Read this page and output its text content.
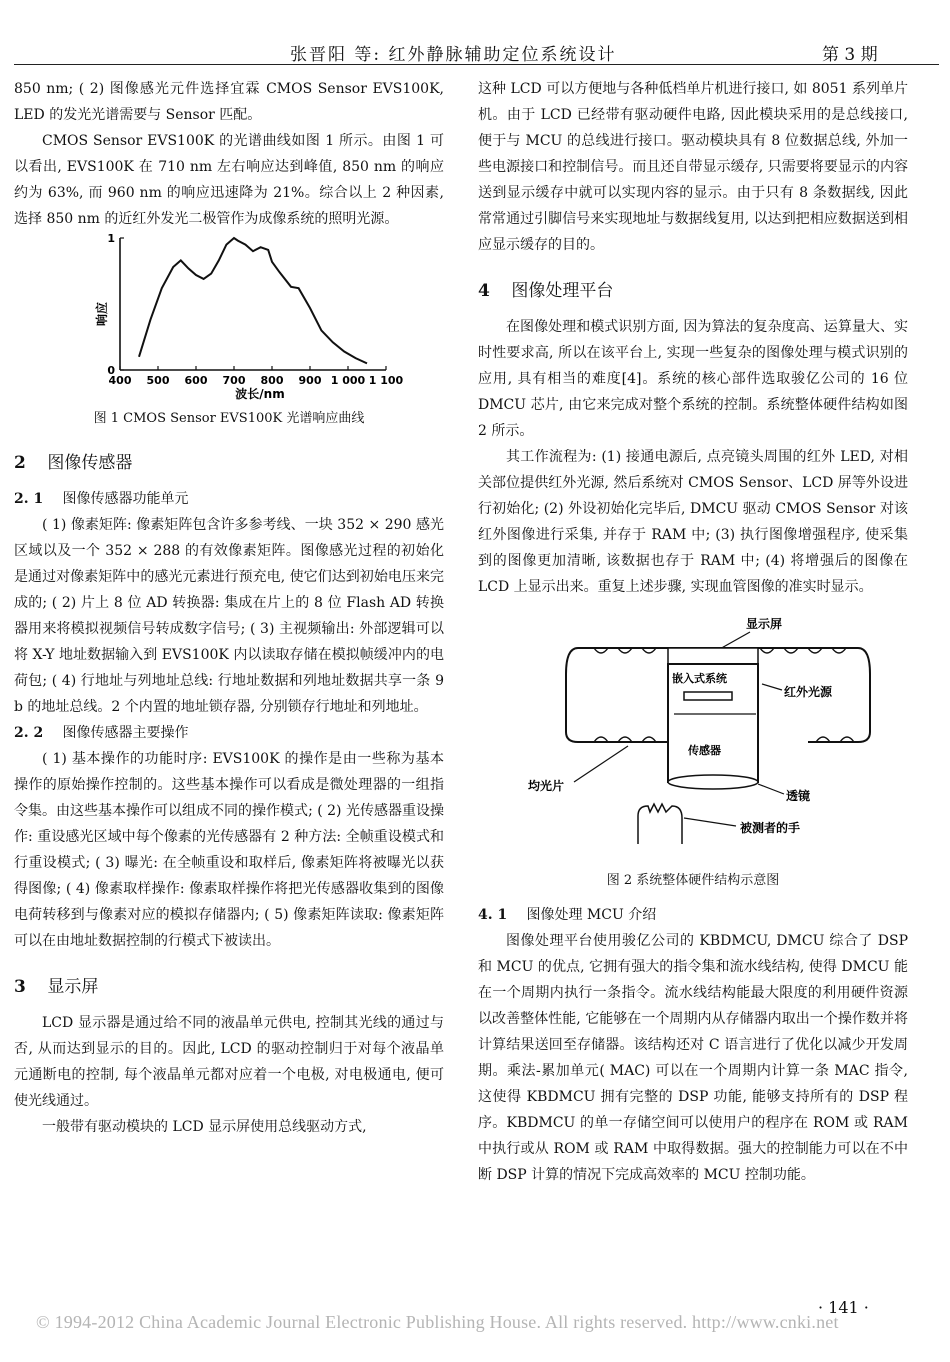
张晋阳 等: 红外静脉辅助定位系统设计	第 3 期

850 nm; ( 2) 图像感光元件选择宜霖 CMOS Sensor EVS100K, LED 的发光光谱需要与 Sensor 匹配。

CMOS Sensor EVS100K 的光谱曲线如图 1 所示。由图 1 可以看出, EVS100K 在 710 nm 左右响应达到峰值, 850 nm 的响应约为 63%, 而 960 nm 的响应迅速降为 21%。综合以上 2 种因素, 选择 850 nm 的近红外发光二极管作为成像系统的照明光源。

400 500 600 700 800 900 1 000 1 100
0
1
响应
波长/nm
图 1 CMOS Sensor EVS100K 光谱响应曲线
2 图像传感器
2. 1 图像传感器功能单元

( 1) 像素矩阵: 像素矩阵包含许多参考线、一块 352 × 290 感光区域以及一个 352 × 288 的有效像素矩阵。图像感光过程的初始化是通过对像素矩阵中的感光元素进行预充电, 使它们达到初始电压来完成的; ( 2) 片上 8 位 AD 转换器: 集成在片上的 8 位 Flash AD 转换器用来将模拟视频信号转成数字信号; ( 3) 主视频输出: 外部逻辑可以将 X-Y 地址数据输入到 EVS100K 内以读取存储在模拟帧缓冲内的电荷包; ( 4) 行地址与列地址总线: 行地址数据和列地址数据共享一条 9 b 的地址总线。2 个内置的地址锁存器, 分别锁存行地址和列地址。

2. 2 图像传感器主要操作

( 1) 基本操作的功能时序: EVS100K 的操作是由一些称为基本操作的原始操作控制的。这些基本操作可以看成是微处理器的一组指令集。由这些基本操作可以组成不同的操作模式; ( 2) 光传感器重设操作: 重设感光区域中每个像素的光传感器有 2 种方法: 全帧重设模式和行重设模式; ( 3) 曝光: 在全帧重设和取样后, 像素矩阵将被曝光以获得图像; ( 4) 像素取样操作: 像素取样操作将把光传感器收集到的图像电荷转移到与像素对应的模拟存储器内; ( 5) 像素矩阵读取: 像素矩阵可以在由地址数据控制的行模式下被读出。

3 显示屏

LCD 显示器是通过给不同的液晶单元供电, 控制其光线的通过与否, 从而达到显示的目的。因此, LCD 的驱动控制归于对每个液晶单元通断电的控制, 每个液晶单元都对应着一个电极, 对电极通电, 便可使光线通过。

一般带有驱动模块的 LCD 显示屏使用总线驱动方式,

这种 LCD 可以方便地与各种低档单片机进行接口, 如 8051 系列单片机。由于 LCD 已经带有驱动硬件电路, 因此模块采用的是总线接口, 便于与 MCU 的总线进行接口。驱动模块具有 8 位数据总线, 外加一些电源接口和控制信号。而且还自带显示缓存, 只需要将要显示的内容送到显示缓存中就可以实现内容的显示。由于只有 8 条数据线, 因此常常通过引脚信号来实现地址与数据线复用, 以达到把相应数据送到相应显示缓存的目的。

4 图像处理平台

在图像处理和模式识别方面, 因为算法的复杂度高、运算量大、实时性要求高, 所以在该平台上, 实现一些复杂的图像处理与模式识别的应用, 具有相当的难度[4]。系统的核心部件选取骏亿公司的 16 位 DMCU 芯片, 由它来完成对整个系统的控制。系统整体硬件结构如图 2 所示。

其工作流程为: (1) 接通电源后, 点亮镜头周围的红外 LED, 对相关部位提供红外光源, 然后系统对 CMOS Sensor、LCD 屏等外设进行初始化; (2) 外设初始化完毕后, DMCU 驱动 CMOS Sensor 对该红外图像进行采集, 并存于 RAM 中; (3) 执行图像增强程序, 使采集到的图像更加清晰, 该数据也存于 RAM 中; (4) 将增强后的图像在 LCD 上显示出来。重复上述步骤, 实现血管图像的准实时显示。

显示屏
嵌入式系统
传感器
红外光源
均光片
透镜
被测者的手
图 2 系统整体硬件结构示意图
4. 1 图像处理 MCU 介绍

图像处理平台使用骏亿公司的 KBDMCU, DMCU 综合了 DSP 和 MCU 的优点, 它拥有强大的指令集和流水线结构, 使得 DMCU 能在一个周期内执行一条指令。流水线结构能最大限度的利用硬件资源以改善整体性能, 它能够在一个周期内从存储器内取出一个操作数并将计算结果送回至存储器。该结构还对 C 语言进行了优化以减少开发周期。乘法-累加单元( MAC) 可以在一个周期内计算一条 MAC 指令, 这使得 KBDMCU 拥有完整的 DSP 功能, 能够支持所有的 DSP 程序。KBDMCU 的单一存储空间可以使用户的程序在 ROM 或 RAM 中执行或从 ROM 或 RAM 中取得数据。强大的控制能力可以在不中断 DSP 计算的情况下完成高效率的 MCU 控制功能。

· 141 ·
© 1994-2012 China Academic Journal Electronic Publishing House. All rights reserved. http://www.cnki.net
